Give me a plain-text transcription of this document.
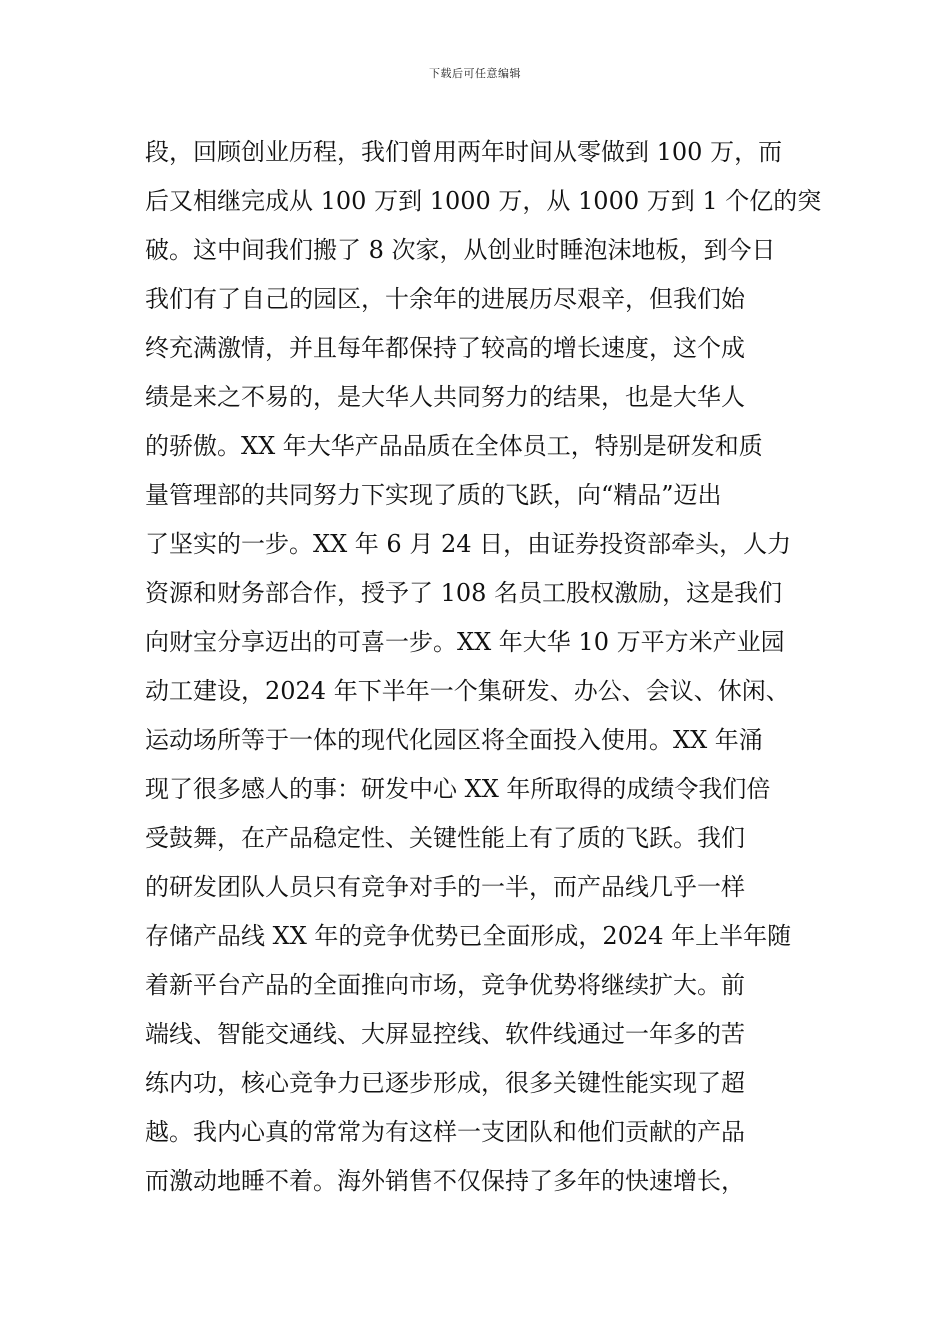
下载后可任意编辑
段，回顾创业历程，我们曾用两年时间从零做到 100 万，而
后又相继完成从 100 万到 1000 万，从 1000 万到 1 个亿的突
破。这中间我们搬了 8 次家，从创业时睡泡沫地板，到今日
我们有了自己的园区，十余年的进展历尽艰辛，但我们始
终充满激情，并且每年都保持了较高的增长速度，这个成
绩是来之不易的，是大华人共同努力的结果，也是大华人
的骄傲。XX 年大华产品品质在全体员工，特别是研发和质
量管理部的共同努力下实现了质的飞跃，向“精品”迈出
了坚实的一步。XX 年 6 月 24 日，由证券投资部牵头，人力
资源和财务部合作，授予了 108 名员工股权激励，这是我们
向财宝分享迈出的可喜一步。XX 年大华 10 万平方米产业园
动工建设，2024 年下半年一个集研发、办公、会议、休闲、
运动场所等于一体的现代化园区将全面投入使用。XX 年涌
现了很多感人的事：研发中心 XX 年所取得的成绩令我们倍
受鼓舞，在产品稳定性、关键性能上有了质的飞跃。我们
的研发团队人员只有竞争对手的一半，而产品线几乎一样
存储产品线 XX 年的竞争优势已全面形成，2024 年上半年随
着新平台产品的全面推向市场，竞争优势将继续扩大。前
端线、智能交通线、大屏显控线、软件线通过一年多的苦
练内功，核心竞争力已逐步形成，很多关键性能实现了超
越。我内心真的常常为有这样一支团队和他们贡献的产品
而激动地睡不着。海外销售不仅保持了多年的快速增长，
